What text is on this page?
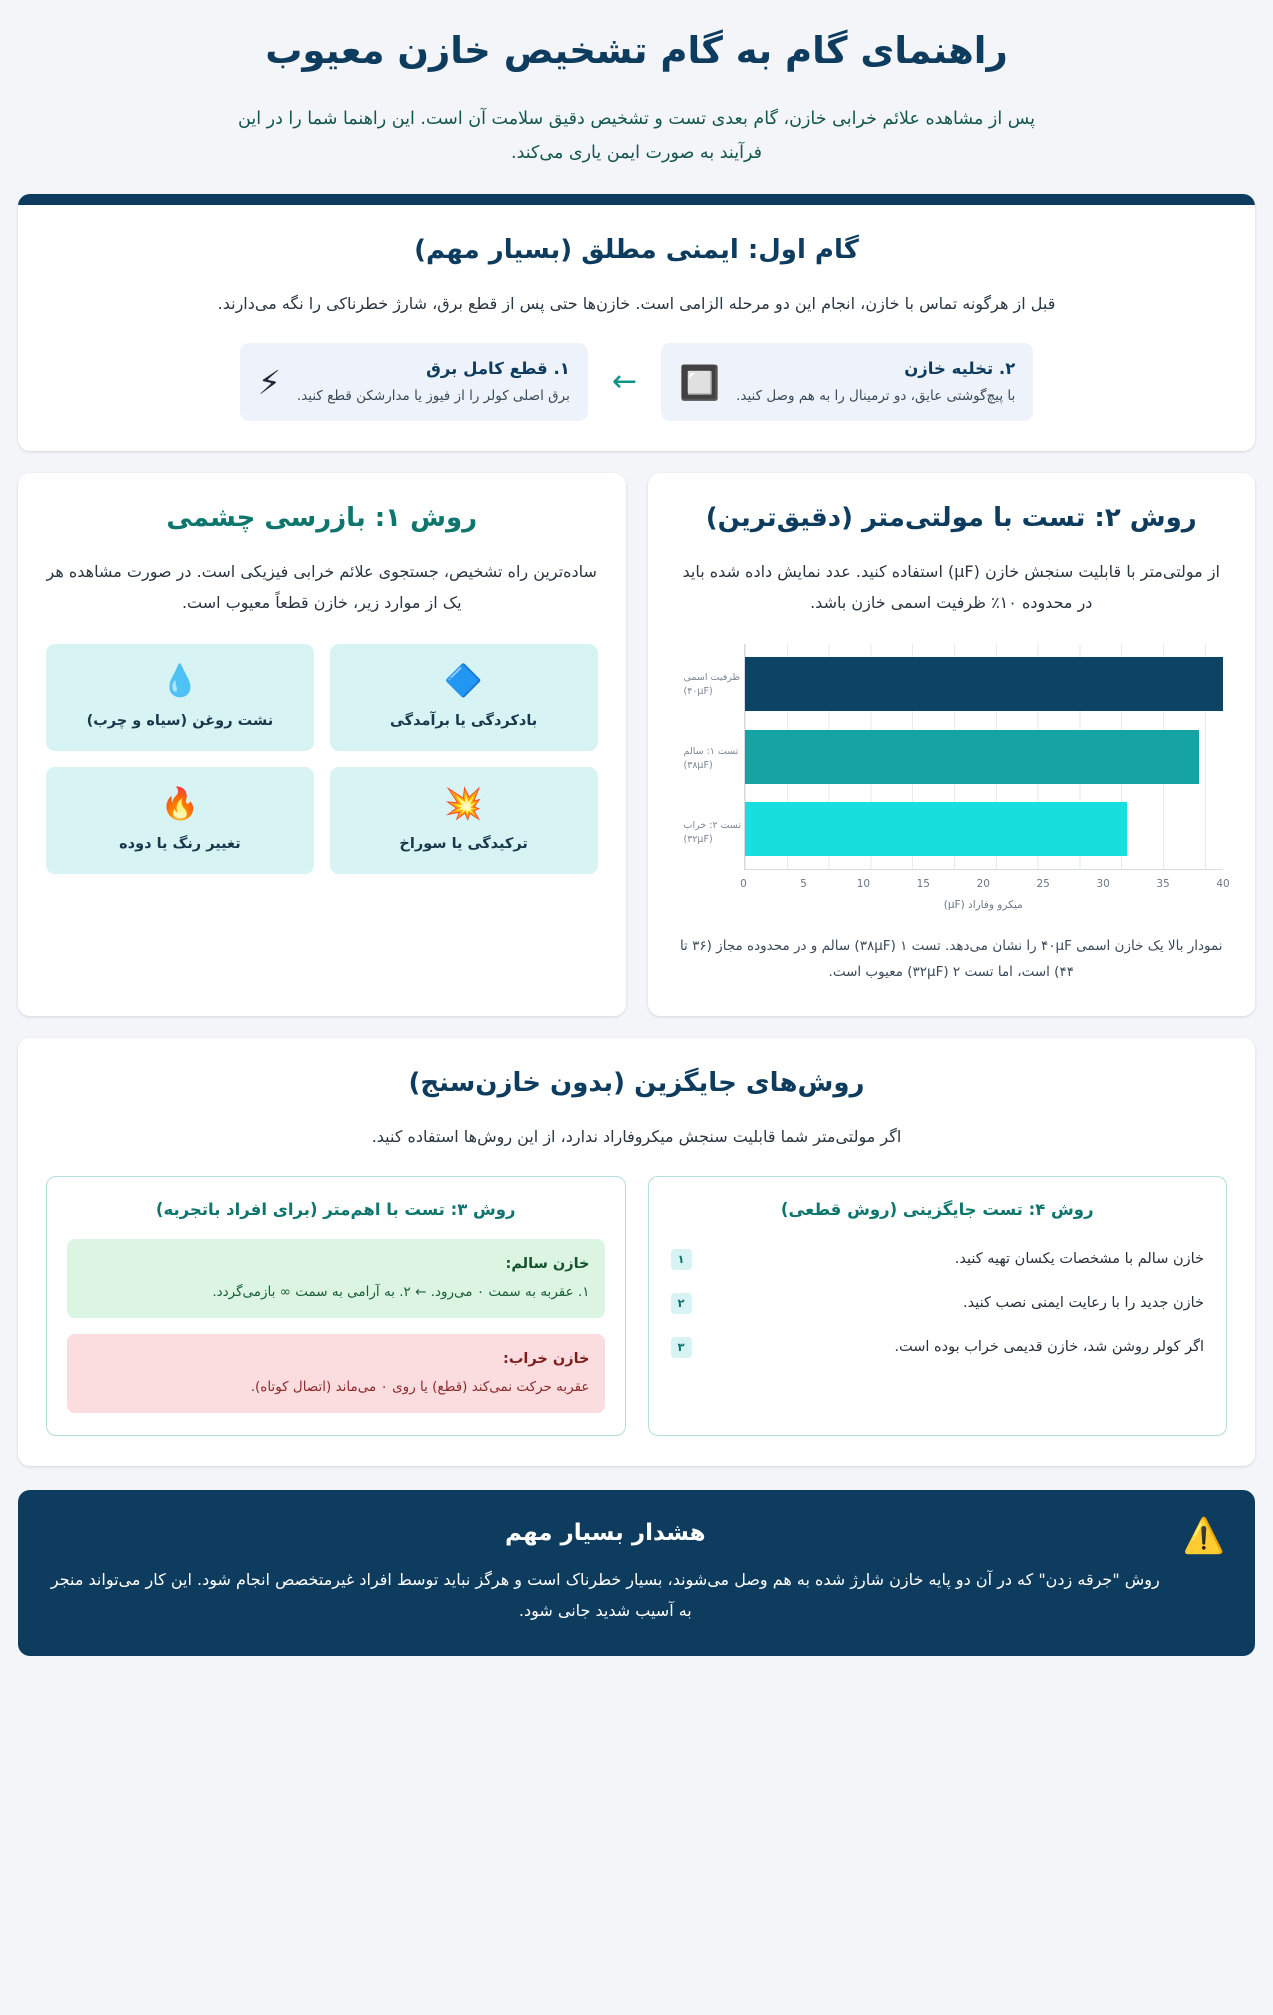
راهنمای گام به گام تشخیص خازن معیوب

پس از مشاهده علائم خرابی خازن، گام بعدی تست و تشخیص دقیق سلامت آن است. این راهنما شما را در این فرآیند به صورت ایمن یاری می‌کند.

گام اول: ایمنی مطلق (بسیار مهم)

قبل از هرگونه تماس با خازن، انجام این دو مرحله الزامی است. خازن‌ها حتی پس از قطع برق، شارژ خطرناکی را نگه می‌دارند.

۲. تخلیه خازن
با پیچ‌گوشتی عایق، دو ترمینال را به هم وصل کنید.
🔲
←
۱. قطع کامل برق
برق اصلی کولر را از فیوز یا مدارشکن قطع کنید.
⚡
روش ۲: تست با مولتی‌متر (دقیق‌ترین)

از مولتی‌متر با قابلیت سنجش خازن (µF) استفاده کنید. عدد نمایش داده شده باید در محدوده ۱۰٪ ظرفیت اسمی خازن باشد.

ظرفیت اسمی
(۴۰µF)
تست ۱: سالم
(۳۸µF)
تست ۲: خراب
(۳۲µF)
0	5	10	15	20	25	30	35	40
میکرو وفاراد (µF)

نمودار بالا یک خازن اسمی ۴۰µF را نشان می‌دهد. تست ۱ (۳۸µF) سالم و در محدوده مجاز (۳۶ تا ۴۴) است، اما تست ۲ (۳۲µF) معیوب است.

روش ۱: بازرسی چشمی

ساده‌ترین راه تشخیص، جستجوی علائم خرابی فیزیکی است. در صورت مشاهده هر یک از موارد زیر، خازن قطعاً معیوب است.

🔷
بادکردگی یا برآمدگی
💧
نشت روغن (سیاه و چرب)
💥
ترکیدگی یا سوراخ
🔥
تغییر رنگ یا دوده
روش‌های جایگزین (بدون خازن‌سنج)

اگر مولتی‌متر شما قابلیت سنجش میکروفاراد ندارد، از این روش‌ها استفاده کنید.

روش ۴: تست جایگزینی (روش قطعی)
خازن سالم با مشخصات یکسان تهیه کنید.
۱
خازن جدید را با رعایت ایمنی نصب کنید.
۲
اگر کولر روشن شد، خازن قدیمی خراب بوده است.
۳
روش ۳: تست با اهم‌متر (برای افراد باتجربه)
خازن سالم:
۱. عقربه به سمت ۰ می‌رود. ← ۲. به آرامی به سمت ∞ بازمی‌گردد.
خازن خراب:
عقربه حرکت نمی‌کند (قطع) یا روی ۰ می‌ماند (اتصال کوتاه).
⚠️
هشدار بسیار مهم

روش "جرقه زدن" که در آن دو پایه خازن شارژ شده به هم وصل می‌شوند، بسیار خطرناک است و هرگز نباید توسط افراد غیرمتخصص انجام شود. این کار می‌تواند منجر به آسیب شدید جانی شود.
